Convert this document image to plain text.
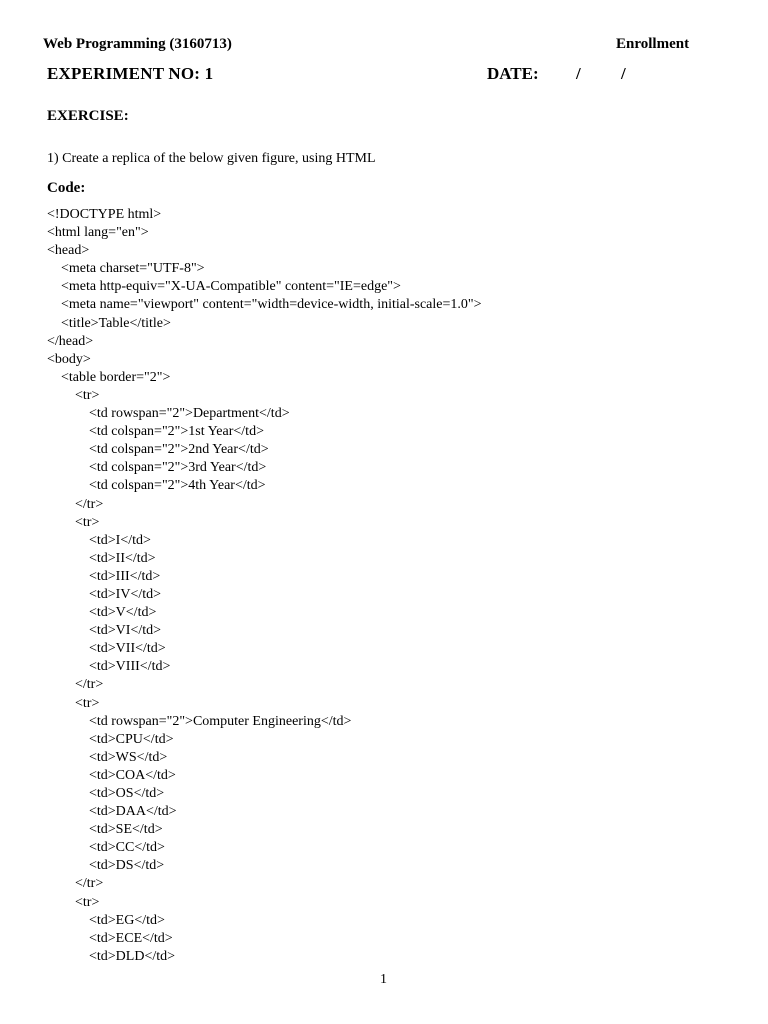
Web Programming (3160713)	Enrollment
EXPERIMENT NO: 1	DATE: / /
EXERCISE:
1) Create a replica of the below given figure, using HTML
Code:
<!DOCTYPE html>
<html lang="en">
<head>
<meta charset="UTF-8">
<meta http-equiv="X-UA-Compatible" content="IE=edge">
<meta name="viewport" content="width=device-width, initial-scale=1.0">
<title>Table</title>
</head>
<body>
<table border="2">
<tr>
<td rowspan="2">Department</td>
<td colspan="2">1st Year</td>
<td colspan="2">2nd Year</td>
<td colspan="2">3rd Year</td>
<td colspan="2">4th Year</td>
</tr>
<tr>
<td>I</td>
<td>II</td>
<td>III</td>
<td>IV</td>
<td>V</td>
<td>VI</td>
<td>VII</td>
<td>VIII</td>
</tr>
<tr>
<td rowspan="2">Computer Engineering</td>
<td>CPU</td>
<td>WS</td>
<td>COA</td>
<td>OS</td>
<td>DAA</td>
<td>SE</td>
<td>CC</td>
<td>DS</td>
</tr>
<tr>
<td>EG</td>
<td>ECE</td>
<td>DLD</td>
1
